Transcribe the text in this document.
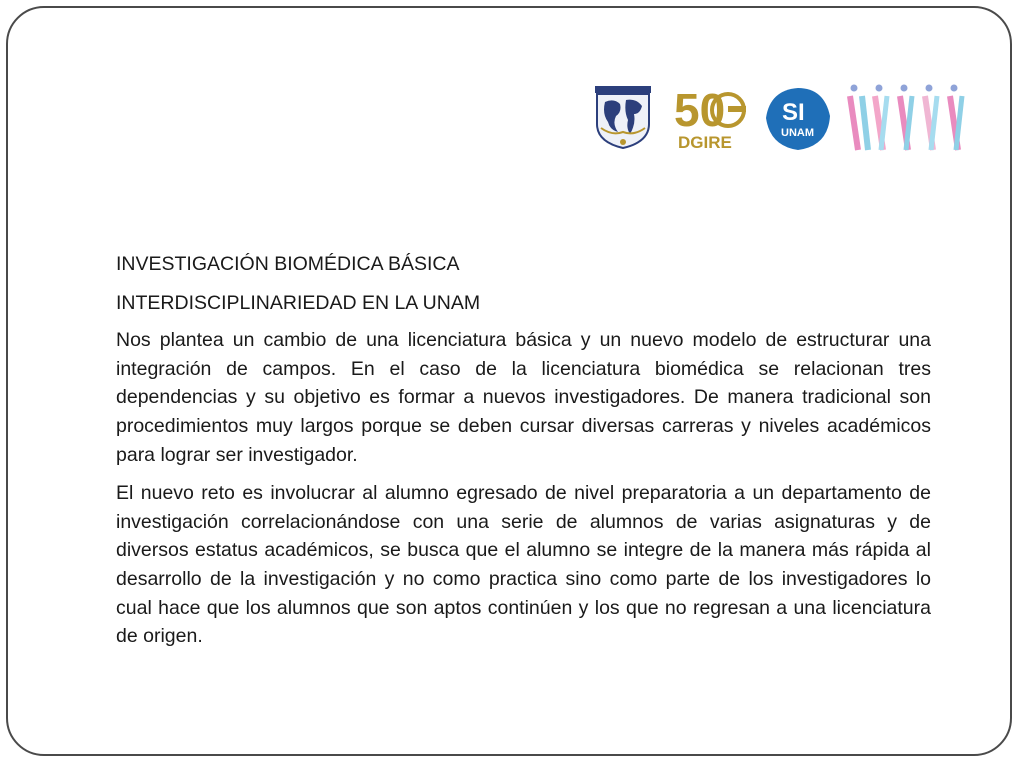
50
DGIRE
SI
UNAM

INVESTIGACIÓN BIOMÉDICA BÁSICA

INTERDISCIPLINARIEDAD EN LA UNAM

Nos plantea un cambio de una licenciatura básica y un nuevo modelo de estructurar una integración de campos. En el caso de la licenciatura biomédica se relacionan tres dependencias y su objetivo es formar a nuevos investigadores. De manera tradicional son procedimientos muy largos porque se deben cursar diversas carreras y niveles académicos para lograr ser investigador.

El nuevo reto es involucrar al alumno egresado de nivel preparatoria a un departamento de investigación correlacionándose con una serie de alumnos de varias asignaturas y de diversos estatus académicos, se busca que el alumno se integre de la manera más rápida al desarrollo de la investigación y no como practica sino como parte de los investigadores lo cual hace que los alumnos que son aptos continúen y los que no regresan a una licenciatura de origen.
